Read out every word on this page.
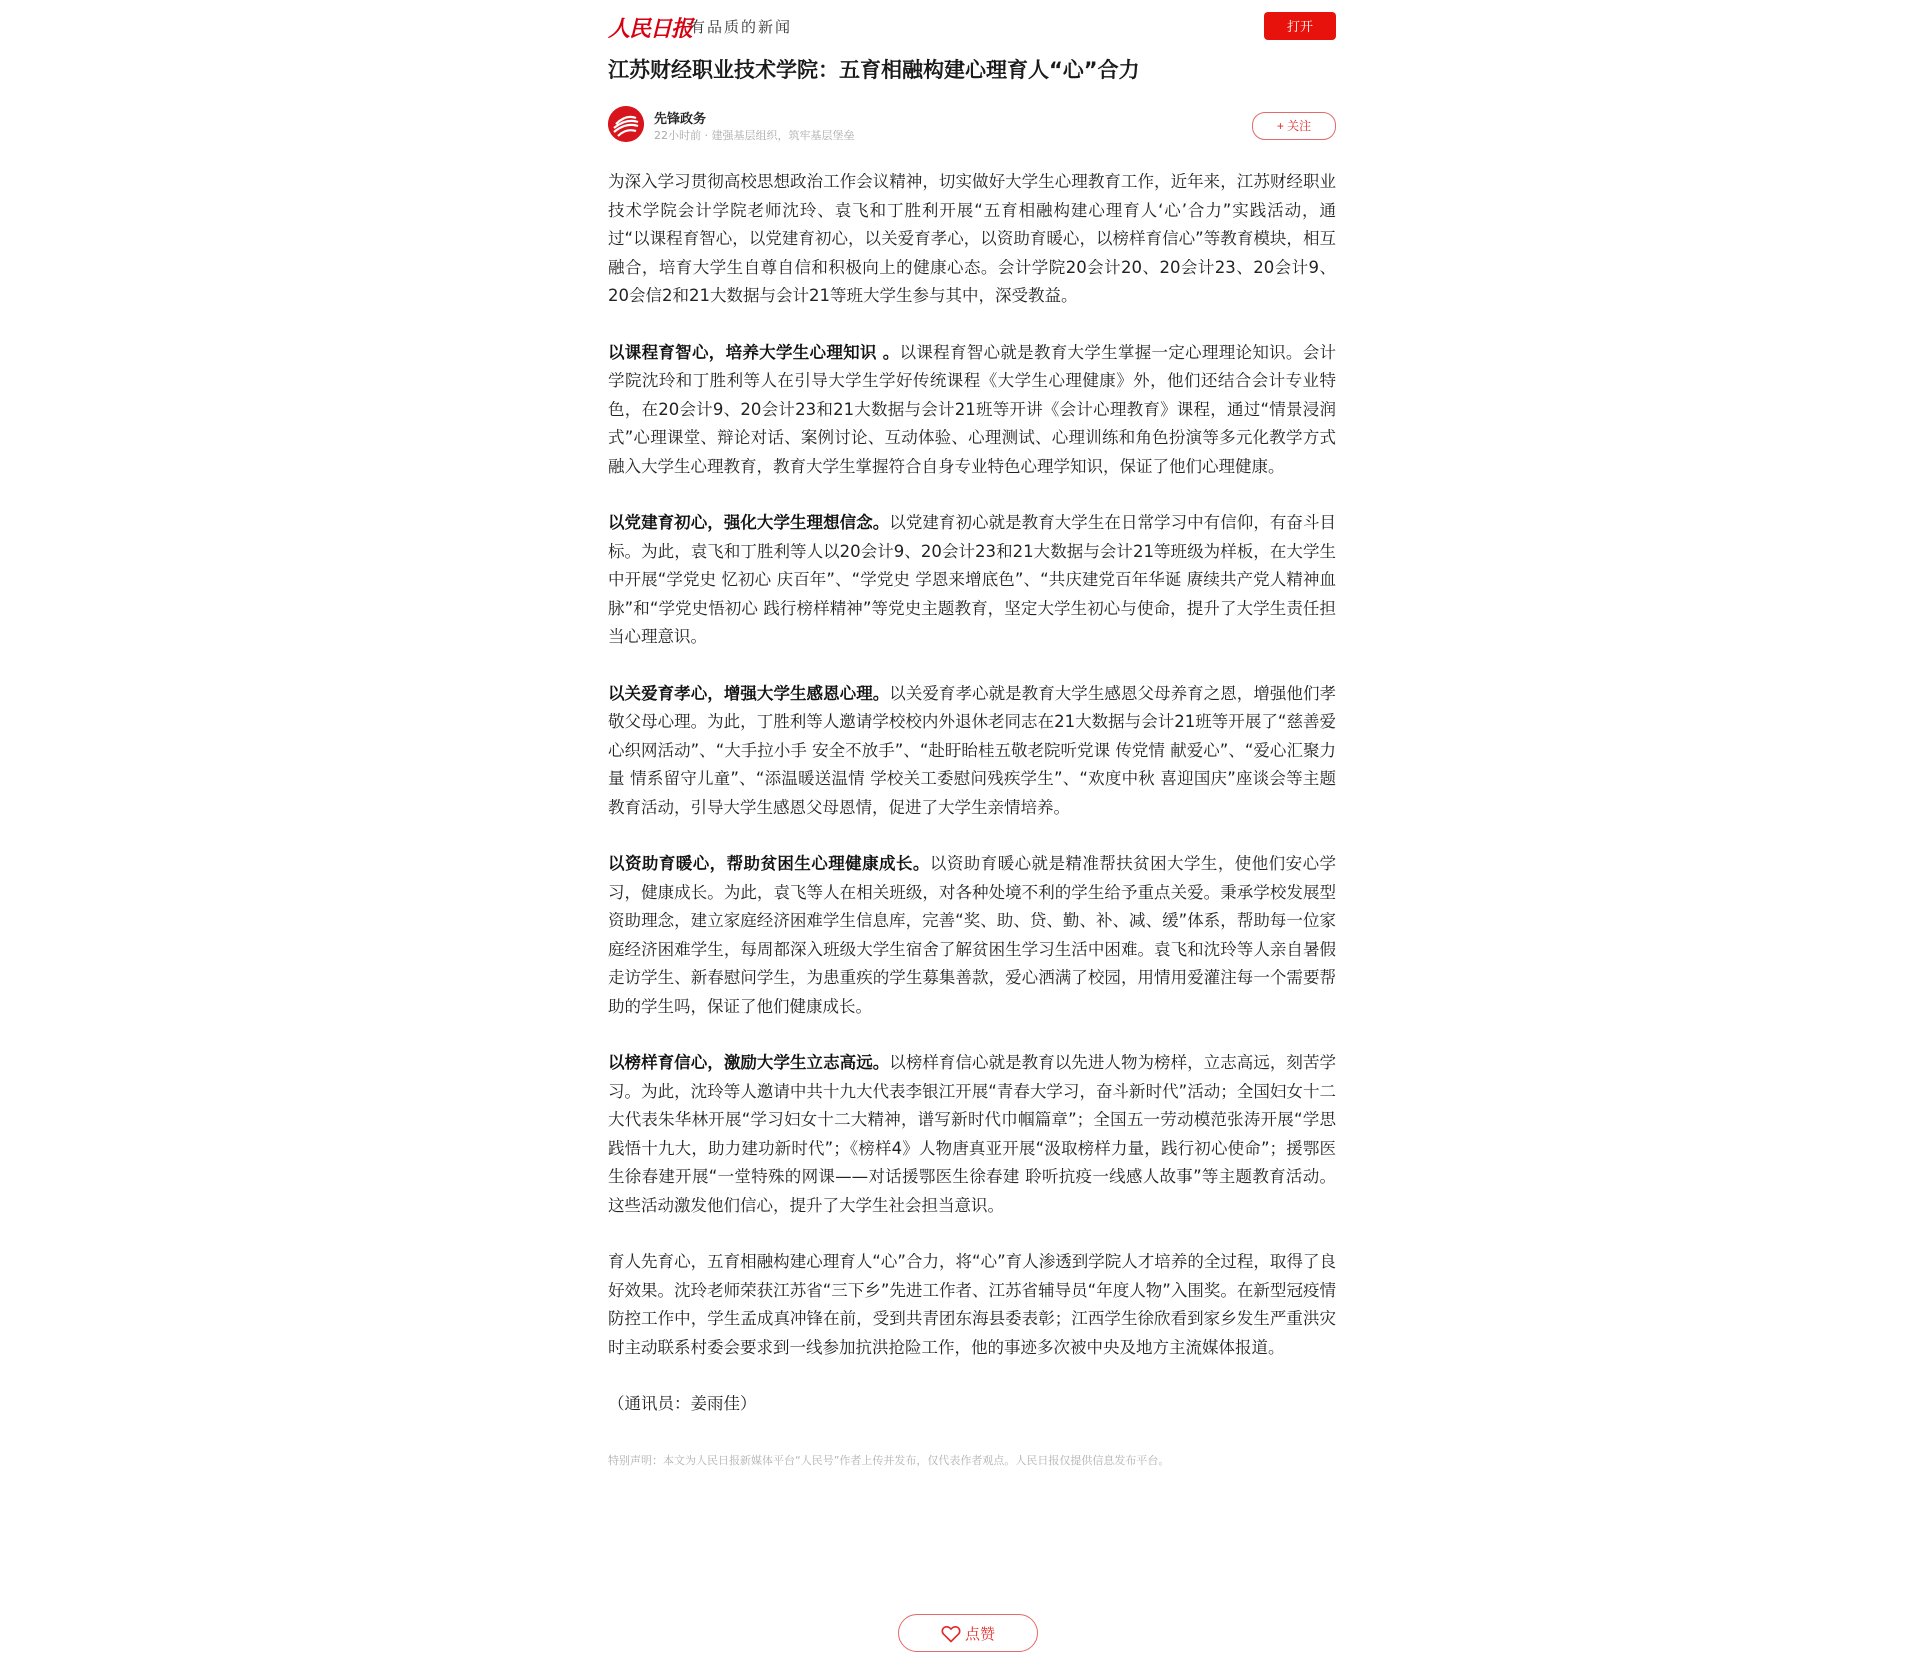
人民日报
有品质的新闻	打开
江苏财经职业技术学院：五育相融构建心理育人“心”合力
先锋政务
22小时前 · 建强基层组织，筑牢基层堡垒
+ 关注

为深入学习贯彻高校思想政治工作会议精神，切实做好大学生心理教育工作，近年来，江苏财经职业技术学院会计学院老师沈玲、袁飞和丁胜利开展“五育相融构建心理育人‘心’合力”实践活动，通过“以课程育智心，以党建育初心，以关爱育孝心，以资助育暖心，以榜样育信心”等教育模块，相互融合，培育大学生自尊自信和积极向上的健康心态。会计学院20会计20、20会计23、20会计9、20会信2和21大数据与会计21等班大学生参与其中，深受教益。

以课程育智心，培养大学生心理知识 。以课程育智心就是教育大学生掌握一定心理理论知识。会计学院沈玲和丁胜利等人在引导大学生学好传统课程《大学生心理健康》外，他们还结合会计专业特色，在20会计9、20会计23和21大数据与会计21班等开讲《会计心理教育》课程，通过“情景浸润式”心理课堂、辩论对话、案例讨论、互动体验、心理测试、心理训练和角色扮演等多元化教学方式融入大学生心理教育，教育大学生掌握符合自身专业特色心理学知识，保证了他们心理健康。

以党建育初心，强化大学生理想信念。以党建育初心就是教育大学生在日常学习中有信仰，有奋斗目标。为此，袁飞和丁胜利等人以20会计9、20会计23和21大数据与会计21等班级为样板，在大学生中开展“学党史 忆初心 庆百年”、“学党史 学恩来增底色”、“共庆建党百年华诞 赓续共产党人精神血脉”和“学党史悟初心 践行榜样精神”等党史主题教育，坚定大学生初心与使命，提升了大学生责任担当心理意识。

以关爱育孝心，增强大学生感恩心理。以关爱育孝心就是教育大学生感恩父母养育之恩，增强他们孝敬父母心理。为此，丁胜利等人邀请学校校内外退休老同志在21大数据与会计21班等开展了“慈善爱心织网活动”、“大手拉小手 安全不放手”、“赴盱眙桂五敬老院听党课 传党情 献爱心”、“爱心汇聚力量 情系留守儿童”、“添温暖送温情 学校关工委慰问残疾学生”、“欢度中秋 喜迎国庆”座谈会等主题教育活动，引导大学生感恩父母恩情，促进了大学生亲情培养。

以资助育暖心，帮助贫困生心理健康成长。以资助育暖心就是精准帮扶贫困大学生，使他们安心学习，健康成长。为此，袁飞等人在相关班级，对各种处境不利的学生给予重点关爱。秉承学校发展型资助理念，建立家庭经济困难学生信息库，完善“奖、助、贷、勤、补、减、缓”体系，帮助每一位家庭经济困难学生，每周都深入班级大学生宿舍了解贫困生学习生活中困难。袁飞和沈玲等人亲自暑假走访学生、新春慰问学生，为患重疾的学生募集善款，爱心洒满了校园，用情用爱灌注每一个需要帮助的学生吗，保证了他们健康成长。

以榜样育信心，激励大学生立志高远。以榜样育信心就是教育以先进人物为榜样，立志高远，刻苦学习。为此，沈玲等人邀请中共十九大代表李银江开展“青春大学习，奋斗新时代”活动；全国妇女十二大代表朱华林开展“学习妇女十二大精神，谱写新时代巾帼篇章”；全国五一劳动模范张涛开展“学思践悟十九大，助力建功新时代”；《榜样4》人物唐真亚开展“汲取榜样力量，践行初心使命”；援鄂医生徐春建开展“一堂特殊的网课——对话援鄂医生徐春建 聆听抗疫一线感人故事”等主题教育活动。这些活动激发他们信心，提升了大学生社会担当意识。

育人先育心，五育相融构建心理育人“心”合力，将“心”育人渗透到学院人才培养的全过程，取得了良好效果。沈玲老师荣获江苏省“三下乡”先进工作者、江苏省辅导员“年度人物”入围奖。在新型冠疫情防控工作中，学生孟成真冲锋在前，受到共青团东海县委表彰；江西学生徐欣看到家乡发生严重洪灾时主动联系村委会要求到一线参加抗洪抢险工作，他的事迹多次被中央及地方主流媒体报道。

（通讯员：姜雨佳）

特别声明：本文为人民日报新媒体平台“人民号”作者上传并发布，仅代表作者观点。人民日报仅提供信息发布平台。
点赞
